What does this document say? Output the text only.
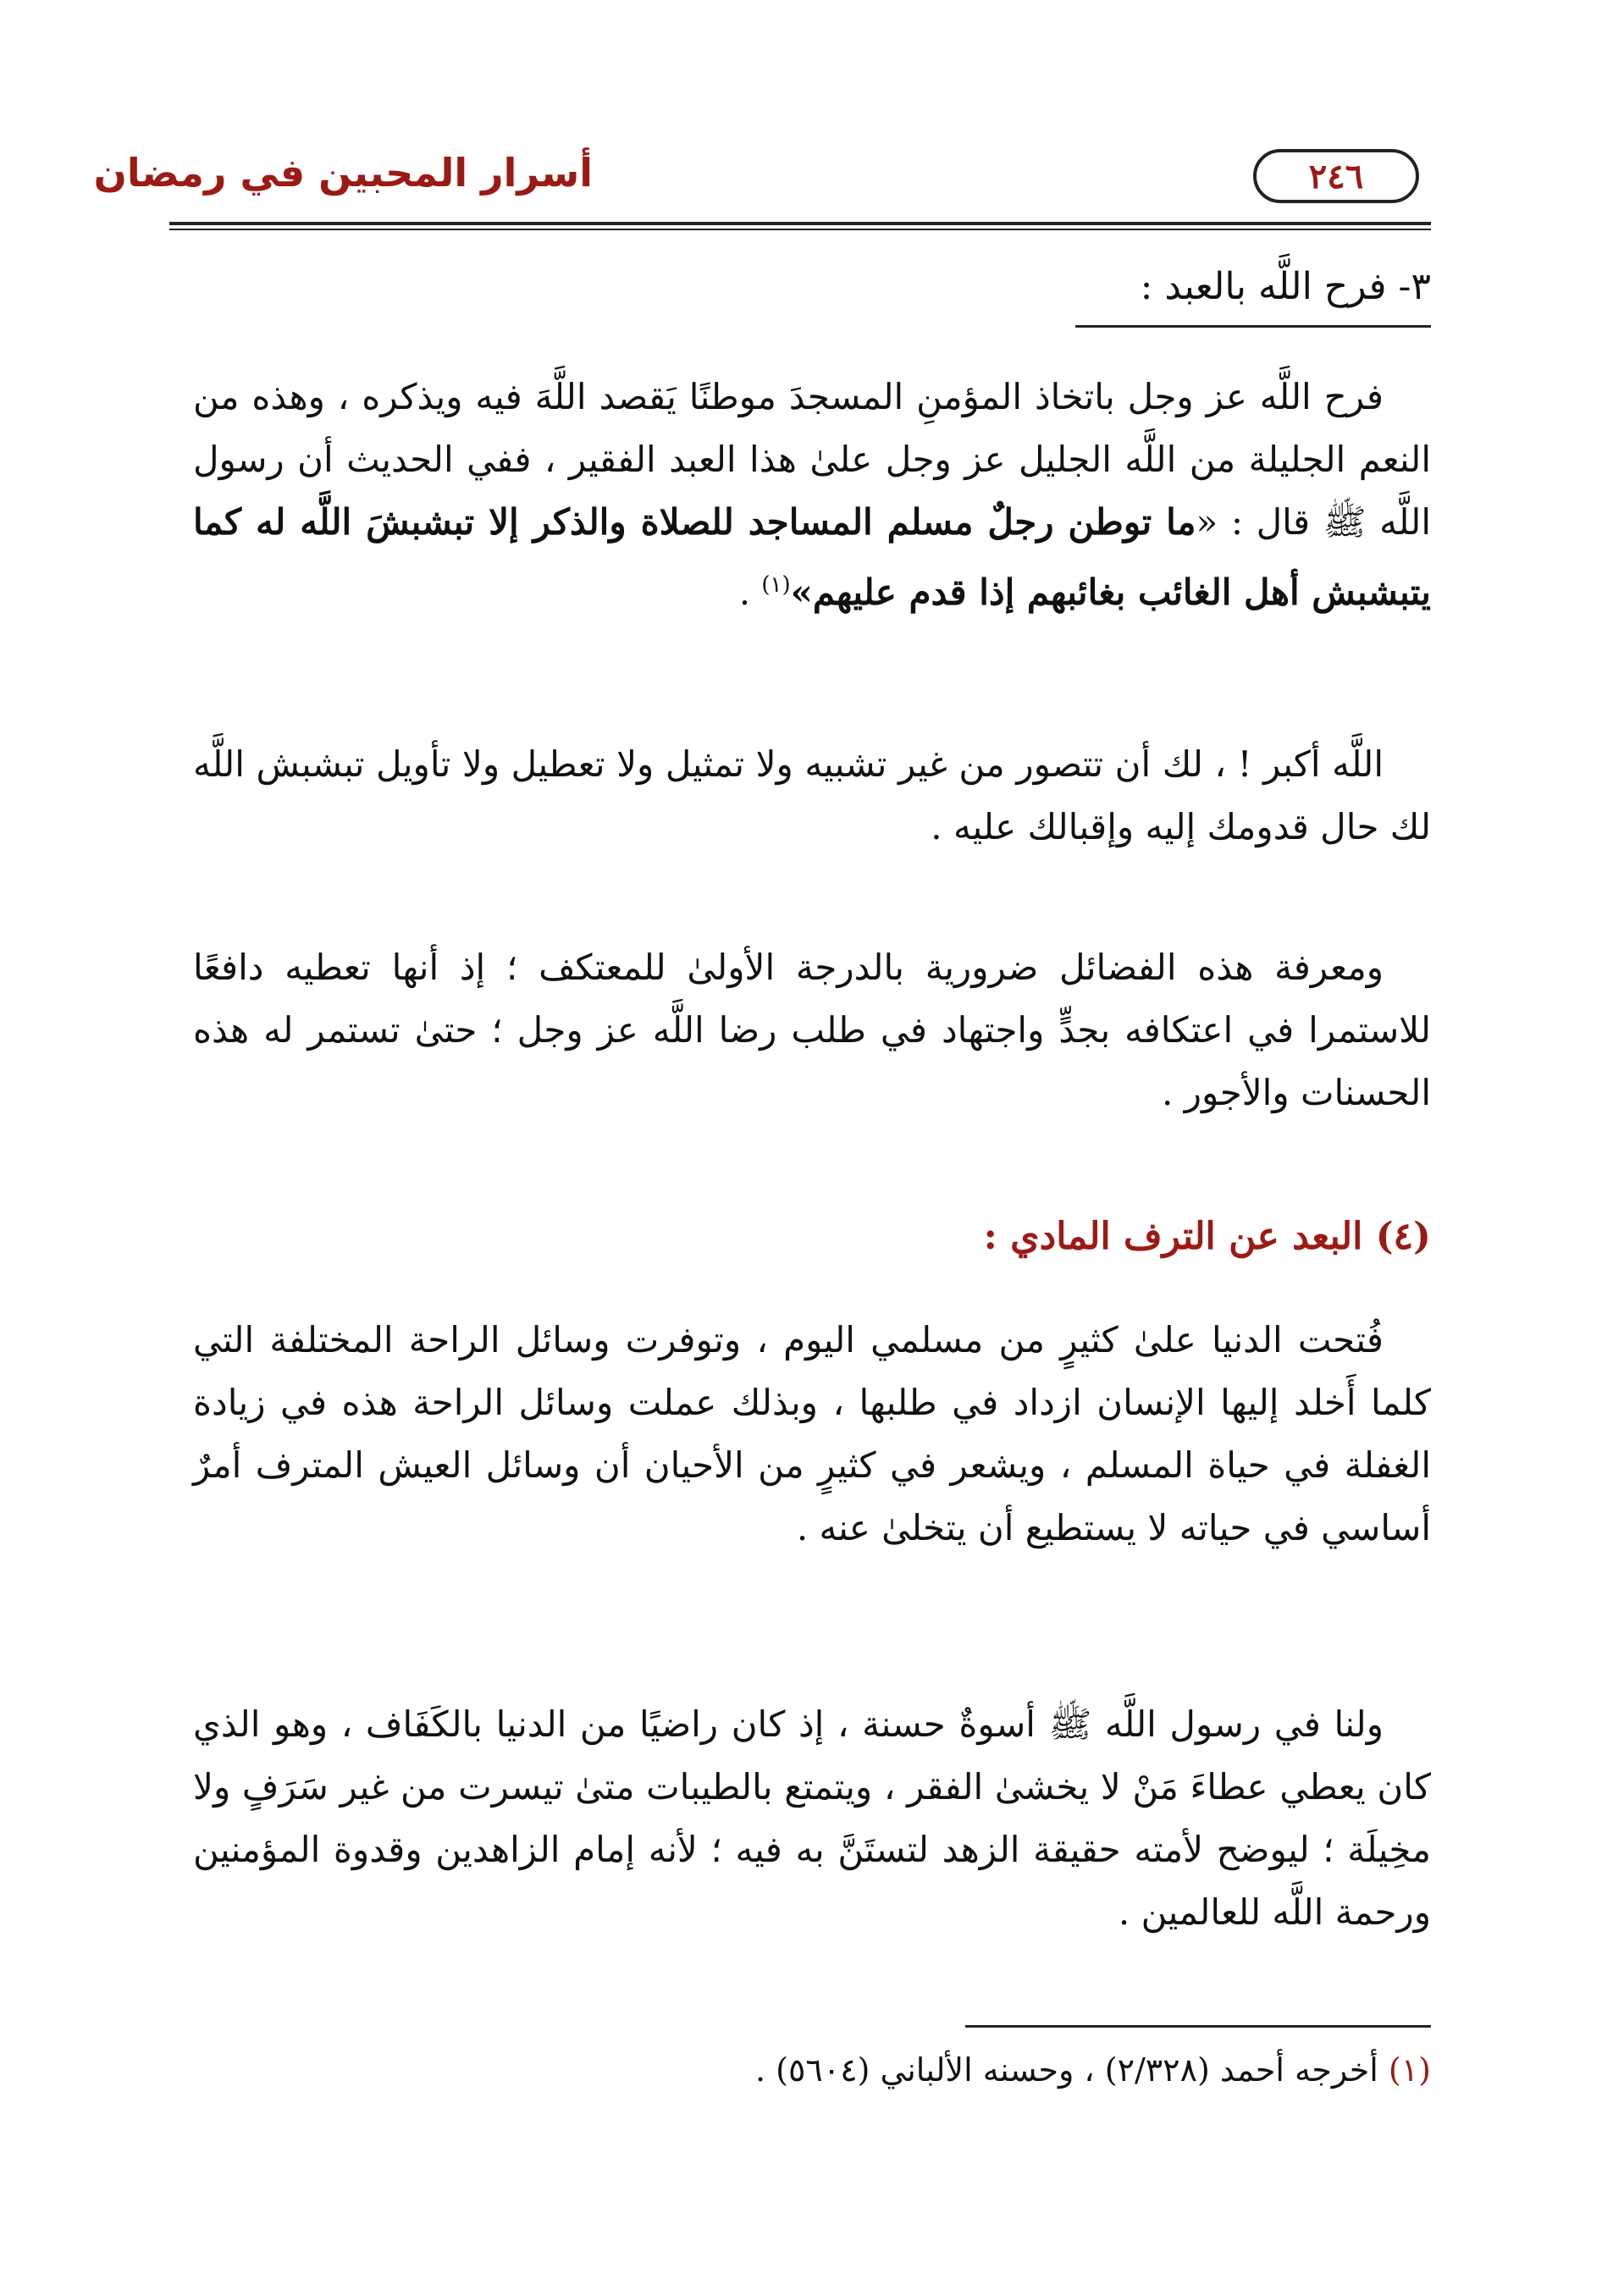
أسرار المحبين في رمضان	٢٤٦

٣- فرح اللَّه بالعبد :

فرح اللَّه عز وجل باتخاذ المؤمنِ المسجدَ موطنًا يَقصد اللَّهَ فيه ويذكره ، وهذه من النعم الجليلة من اللَّه الجليل عز وجل علىٰ هذا العبد الفقير ، ففي الحديث أن رسول اللَّه ﷺ قال : «ما توطن رجلٌ مسلم المساجد للصلاة والذكر إلا تبشبشَ اللَّه له كما يتبشبش أهل الغائب بغائبهم إذا قدم عليهم»$^{(١)}$ .

اللَّه أكبر ! ، لك أن تتصور من غير تشبيه ولا تمثيل ولا تعطيل ولا تأويل تبشبش اللَّه لك حال قدومك إليه وإقبالك عليه .

ومعرفة هذه الفضائل ضرورية بالدرجة الأولىٰ للمعتكف ؛ إذ أنها تعطيه دافعًا للاستمرا في اعتكافه بجدٍّ واجتهاد في طلب رضا اللَّه عز وجل ؛ حتىٰ تستمر له هذه الحسنات والأجور .

(٤) البعد عن الترف المادي :

فُتحت الدنيا علىٰ كثيرٍ من مسلمي اليوم ، وتوفرت وسائل الراحة المختلفة التي كلما أَخلد إليها الإنسان ازداد في طلبها ، وبذلك عملت وسائل الراحة هذه في زيادة الغفلة في حياة المسلم ، ويشعر في كثيرٍ من الأحيان أن وسائل العيش المترف أمرٌ أساسي في حياته لا يستطيع أن يتخلىٰ عنه .

ولنا في رسول اللَّه ﷺ أسوةٌ حسنة ، إذ كان راضيًا من الدنيا بالكَفَاف ، وهو الذي كان يعطي عطاءَ مَنْ لا يخشىٰ الفقر ، ويتمتع بالطيبات متىٰ تيسرت من غير سَرَفٍ ولا مخِيلَة ؛ ليوضح لأمته حقيقة الزهد لتستَنَّ به فيه ؛ لأنه إمام الزاهدين وقدوة المؤمنين ورحمة اللَّه للعالمين .

(١) أخرجه أحمد (٢/٣٢٨) ، وحسنه الألباني (٥٦٠٤) .
